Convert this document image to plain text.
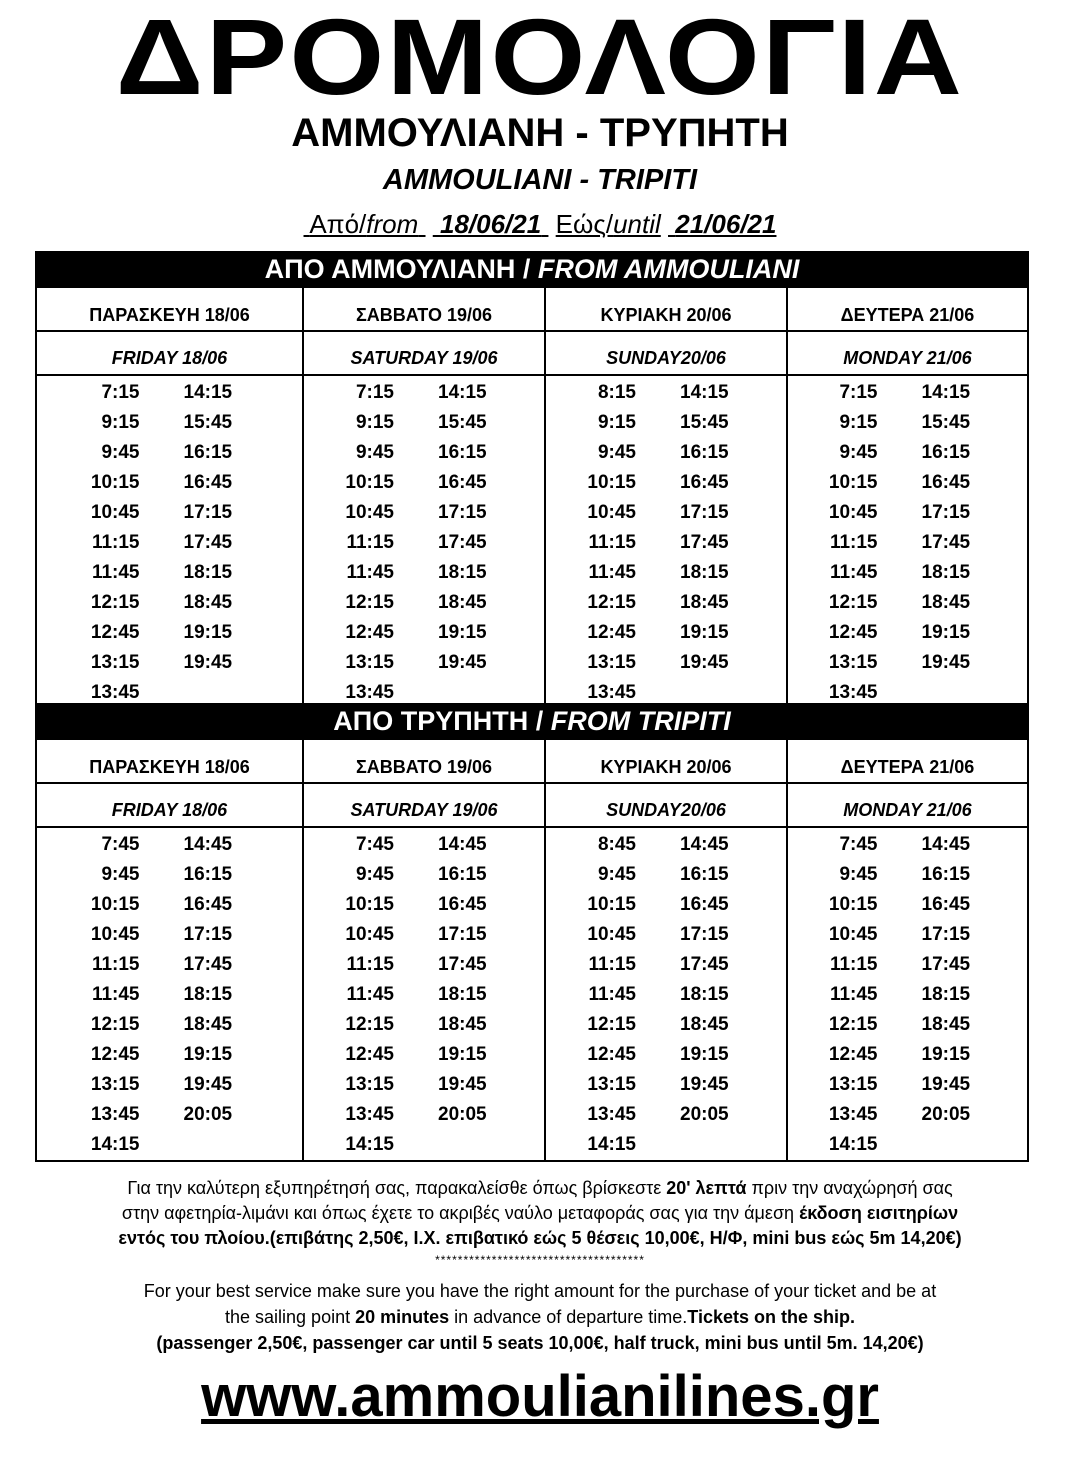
ΔΡΟΜΟΛΟΓΙΑ
ΑΜΜΟΥΛΙΑΝΗ - ΤΡΥΠΗΤΗ
AMMOULIANI - TRIPITI
Από/from 18/06/21 Εώς/until 21/06/21
ΑΠΟ ΑΜΜΟΥΛΙΑΝΗ / FROM AMMOULIANI
ΠΑΡΑΣΚΕΥΗ 18/06
FRIDAY 18/06
7:15
9:15
9:45
10:15
10:45
11:15
11:45
12:15
12:45
13:15
13:45
14:15
15:45
16:15
16:45
17:15
17:45
18:15
18:45
19:15
19:45
ΣΑΒΒΑΤΟ 19/06
SATURDAY 19/06
7:15
9:15
9:45
10:15
10:45
11:15
11:45
12:15
12:45
13:15
13:45
14:15
15:45
16:15
16:45
17:15
17:45
18:15
18:45
19:15
19:45
ΚΥΡΙΑΚΗ 20/06
SUNDAY20/06
8:15
9:15
9:45
10:15
10:45
11:15
11:45
12:15
12:45
13:15
13:45
14:15
15:45
16:15
16:45
17:15
17:45
18:15
18:45
19:15
19:45
ΔΕΥΤΕΡΑ 21/06
MONDAY 21/06
7:15
9:15
9:45
10:15
10:45
11:15
11:45
12:15
12:45
13:15
13:45
14:15
15:45
16:15
16:45
17:15
17:45
18:15
18:45
19:15
19:45
ΑΠΟ ΤΡΥΠΗΤΗ / FROM TRIPITI
ΠΑΡΑΣΚΕΥΗ 18/06
FRIDAY 18/06
7:45
9:45
10:15
10:45
11:15
11:45
12:15
12:45
13:15
13:45
14:15
14:45
16:15
16:45
17:15
17:45
18:15
18:45
19:15
19:45
20:05
ΣΑΒΒΑΤΟ 19/06
SATURDAY 19/06
7:45
9:45
10:15
10:45
11:15
11:45
12:15
12:45
13:15
13:45
14:15
14:45
16:15
16:45
17:15
17:45
18:15
18:45
19:15
19:45
20:05
ΚΥΡΙΑΚΗ 20/06
SUNDAY20/06
8:45
9:45
10:15
10:45
11:15
11:45
12:15
12:45
13:15
13:45
14:15
14:45
16:15
16:45
17:15
17:45
18:15
18:45
19:15
19:45
20:05
ΔΕΥΤΕΡΑ 21/06
MONDAY 21/06
7:45
9:45
10:15
10:45
11:15
11:45
12:15
12:45
13:15
13:45
14:15
14:45
16:15
16:45
17:15
17:45
18:15
18:45
19:15
19:45
20:05
Για την καλύτερη εξυπηρέτησή σας, παρακαλείσθε όπως βρίσκεστε 20' λεπτά πριν την αναχώρησή σας
στην αφετηρία-λιμάνι και όπως έχετε το ακριβές ναύλο μεταφοράς σας για την άμεση έκδοση εισιτηρίων
εντός του πλοίου.(επιβάτης 2,50€, Ι.Χ. επιβατικό εώς 5 θέσεις 10,00€, Η/Φ, mini bus εώς 5m 14,20€)
*************************************
For your best service make sure you have the right amount for the purchase of your ticket and be at
the sailing point 20 minutes in advance of departure time.Tickets on the ship.
(passenger 2,50€, passenger car until 5 seats 10,00€, half truck, mini bus until 5m. 14,20€)
www.ammoulianilines.gr
